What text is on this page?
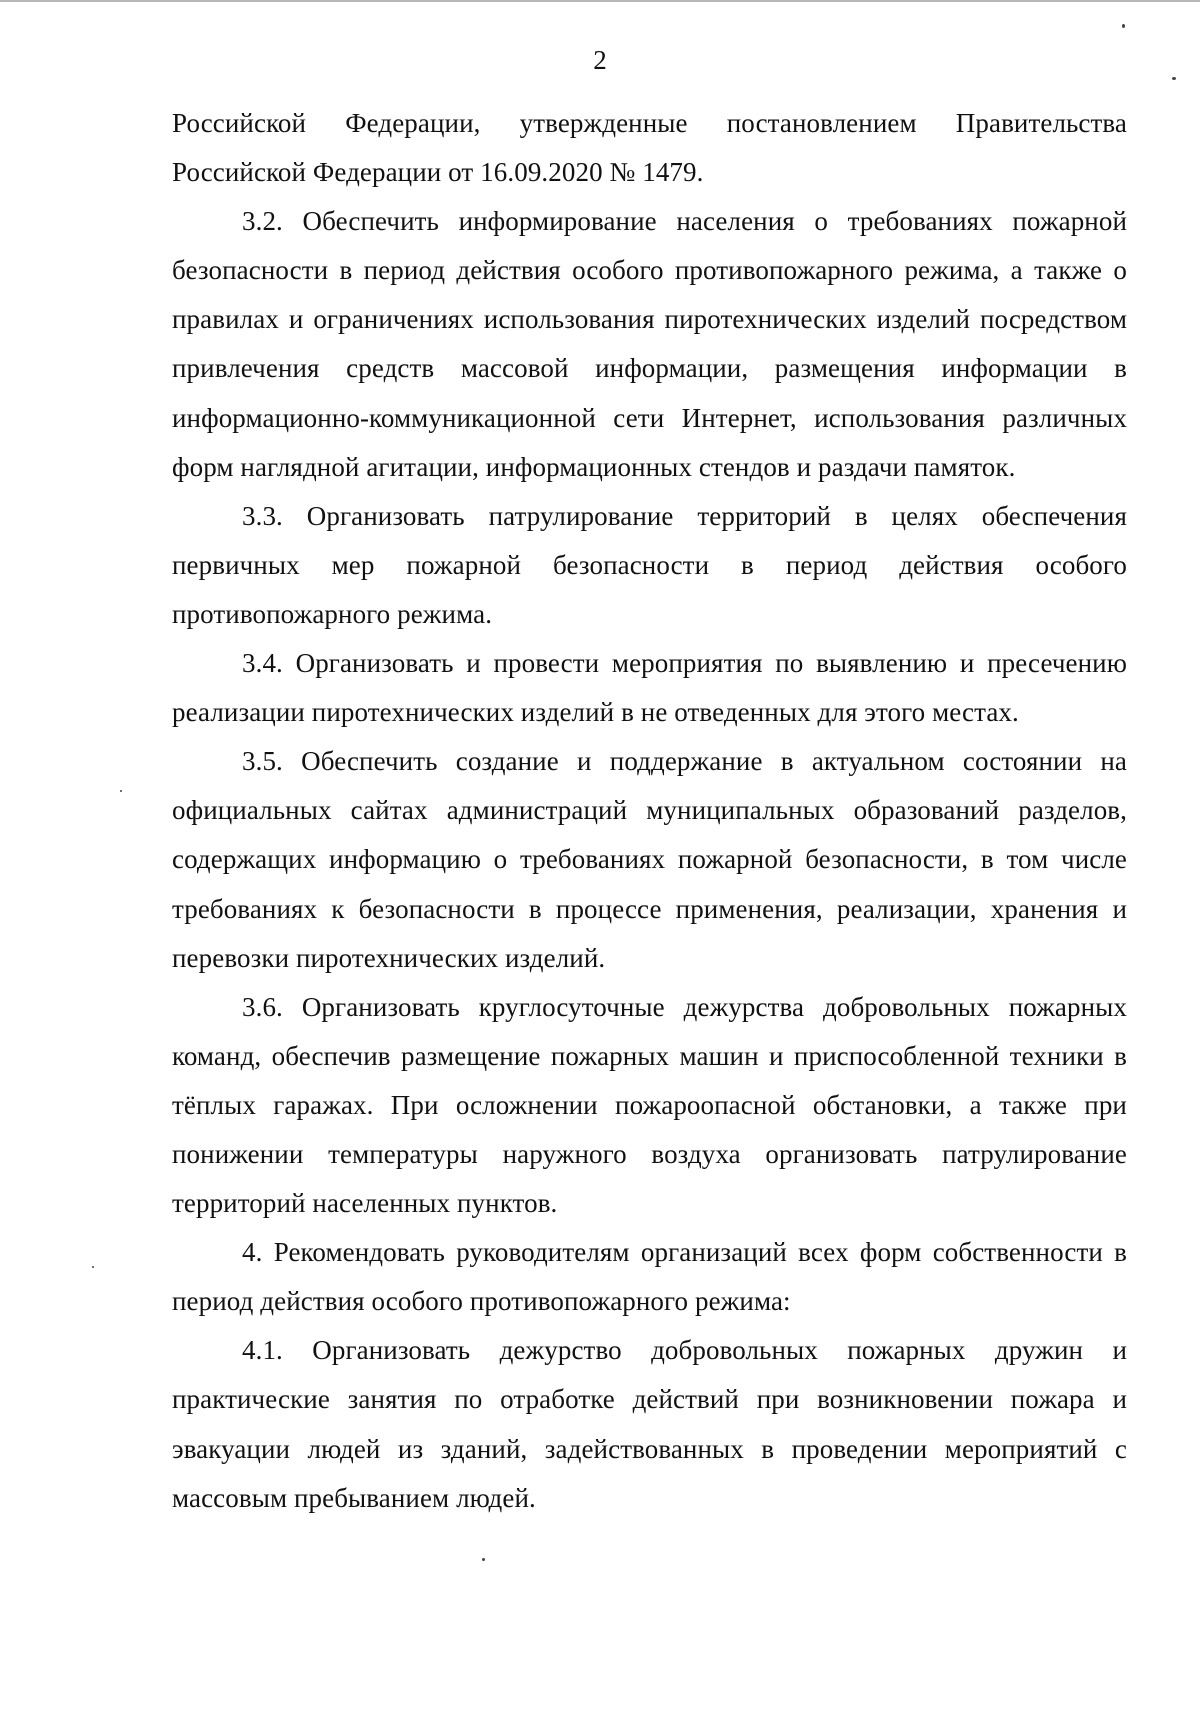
2

Российской Федерации, утвержденные постановлением Правительства Российской Федерации от 16.09.2020 № 1479.

3.2. Обеспечить информирование населения о требованиях пожарной безопасности в период действия особого противопожарного режима, а также о правилах и ограничениях использования пиротехнических изделий посредством привлечения средств массовой информации, размещения информации в информационно-коммуникационной сети Интернет, использования различных форм наглядной агитации, информационных стендов и раздачи памяток.

3.3. Организовать патрулирование территорий в целях обеспечения первичных мер пожарной безопасности в период действия особого противопожарного режима.

3.4. Организовать и провести мероприятия по выявлению и пресечению реализации пиротехнических изделий в не отведенных для этого местах.

3.5. Обеспечить создание и поддержание в актуальном состоянии на официальных сайтах администраций муниципальных образований разделов, содержащих информацию о требованиях пожарной безопасности, в том числе требованиях к безопасности в процессе применения, реализации, хранения и перевозки пиротехнических изделий.

3.6. Организовать круглосуточные дежурства добровольных пожарных команд, обеспечив размещение пожарных машин и приспособленной техники в тёплых гаражах. При осложнении пожароопасной обстановки, а также при понижении температуры наружного воздуха организовать патрулирование территорий населенных пунктов.

4. Рекомендовать руководителям организаций всех форм собственности в период действия особого противопожарного режима:

4.1. Организовать дежурство добровольных пожарных дружин и практические занятия по отработке действий при возникновении пожара и эвакуации людей из зданий, задействованных в проведении мероприятий с массовым пребыванием людей.
